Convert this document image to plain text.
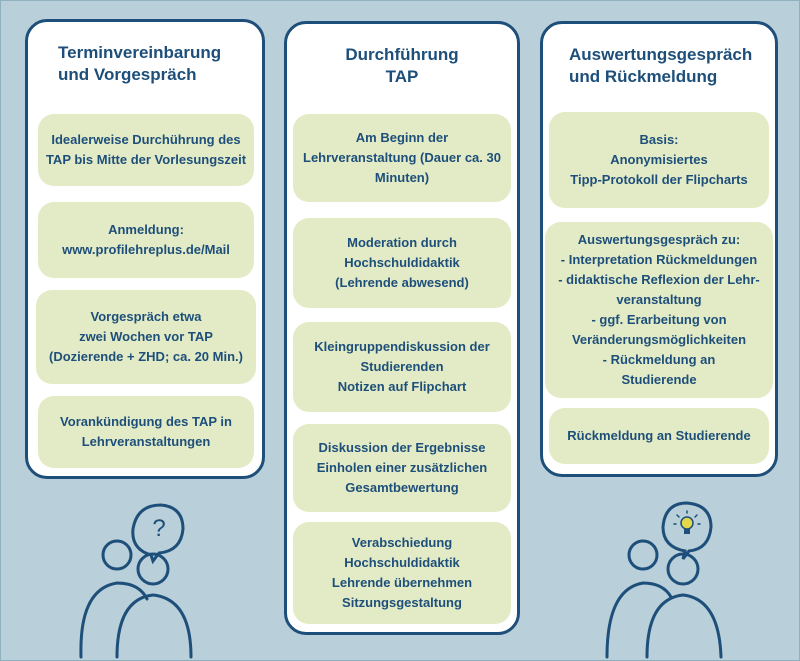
Terminvereinbarung
und Vorgespräch
Idealerweise Durchührung des
TAP bis Mitte der Vorlesungszeit
Anmeldung:
www.profilehreplus.de/Mail
Vorgespräch etwa
zwei Wochen vor TAP
(Dozierende + ZHD; ca. 20 Min.)
Vorankündigung des TAP in
Lehrveranstaltungen
Durchführung
TAP
Am Beginn der
Lehrveranstaltung (Dauer ca. 30
Minuten)
Moderation durch
Hochschuldidaktik
(Lehrende abwesend)
Kleingruppendiskussion der
Studierenden
Notizen auf Flipchart
Diskussion der Ergebnisse
Einholen einer zusätzlichen
Gesamtbewertung
Verabschiedung
Hochschuldidaktik
Lehrende übernehmen
Sitzungsgestaltung
Auswertungsgespräch
und Rückmeldung
Basis:
Anonymisiertes
Tipp-Protokoll der Flipcharts
Auswertungsgespräch zu:
- Interpretation Rückmeldungen
- didaktische Reflexion der Lehr-
veranstaltung
- ggf. Erarbeitung von
Veränderungsmöglichkeiten
- Rückmeldung an
Studierende
Rückmeldung an Studierende
?
